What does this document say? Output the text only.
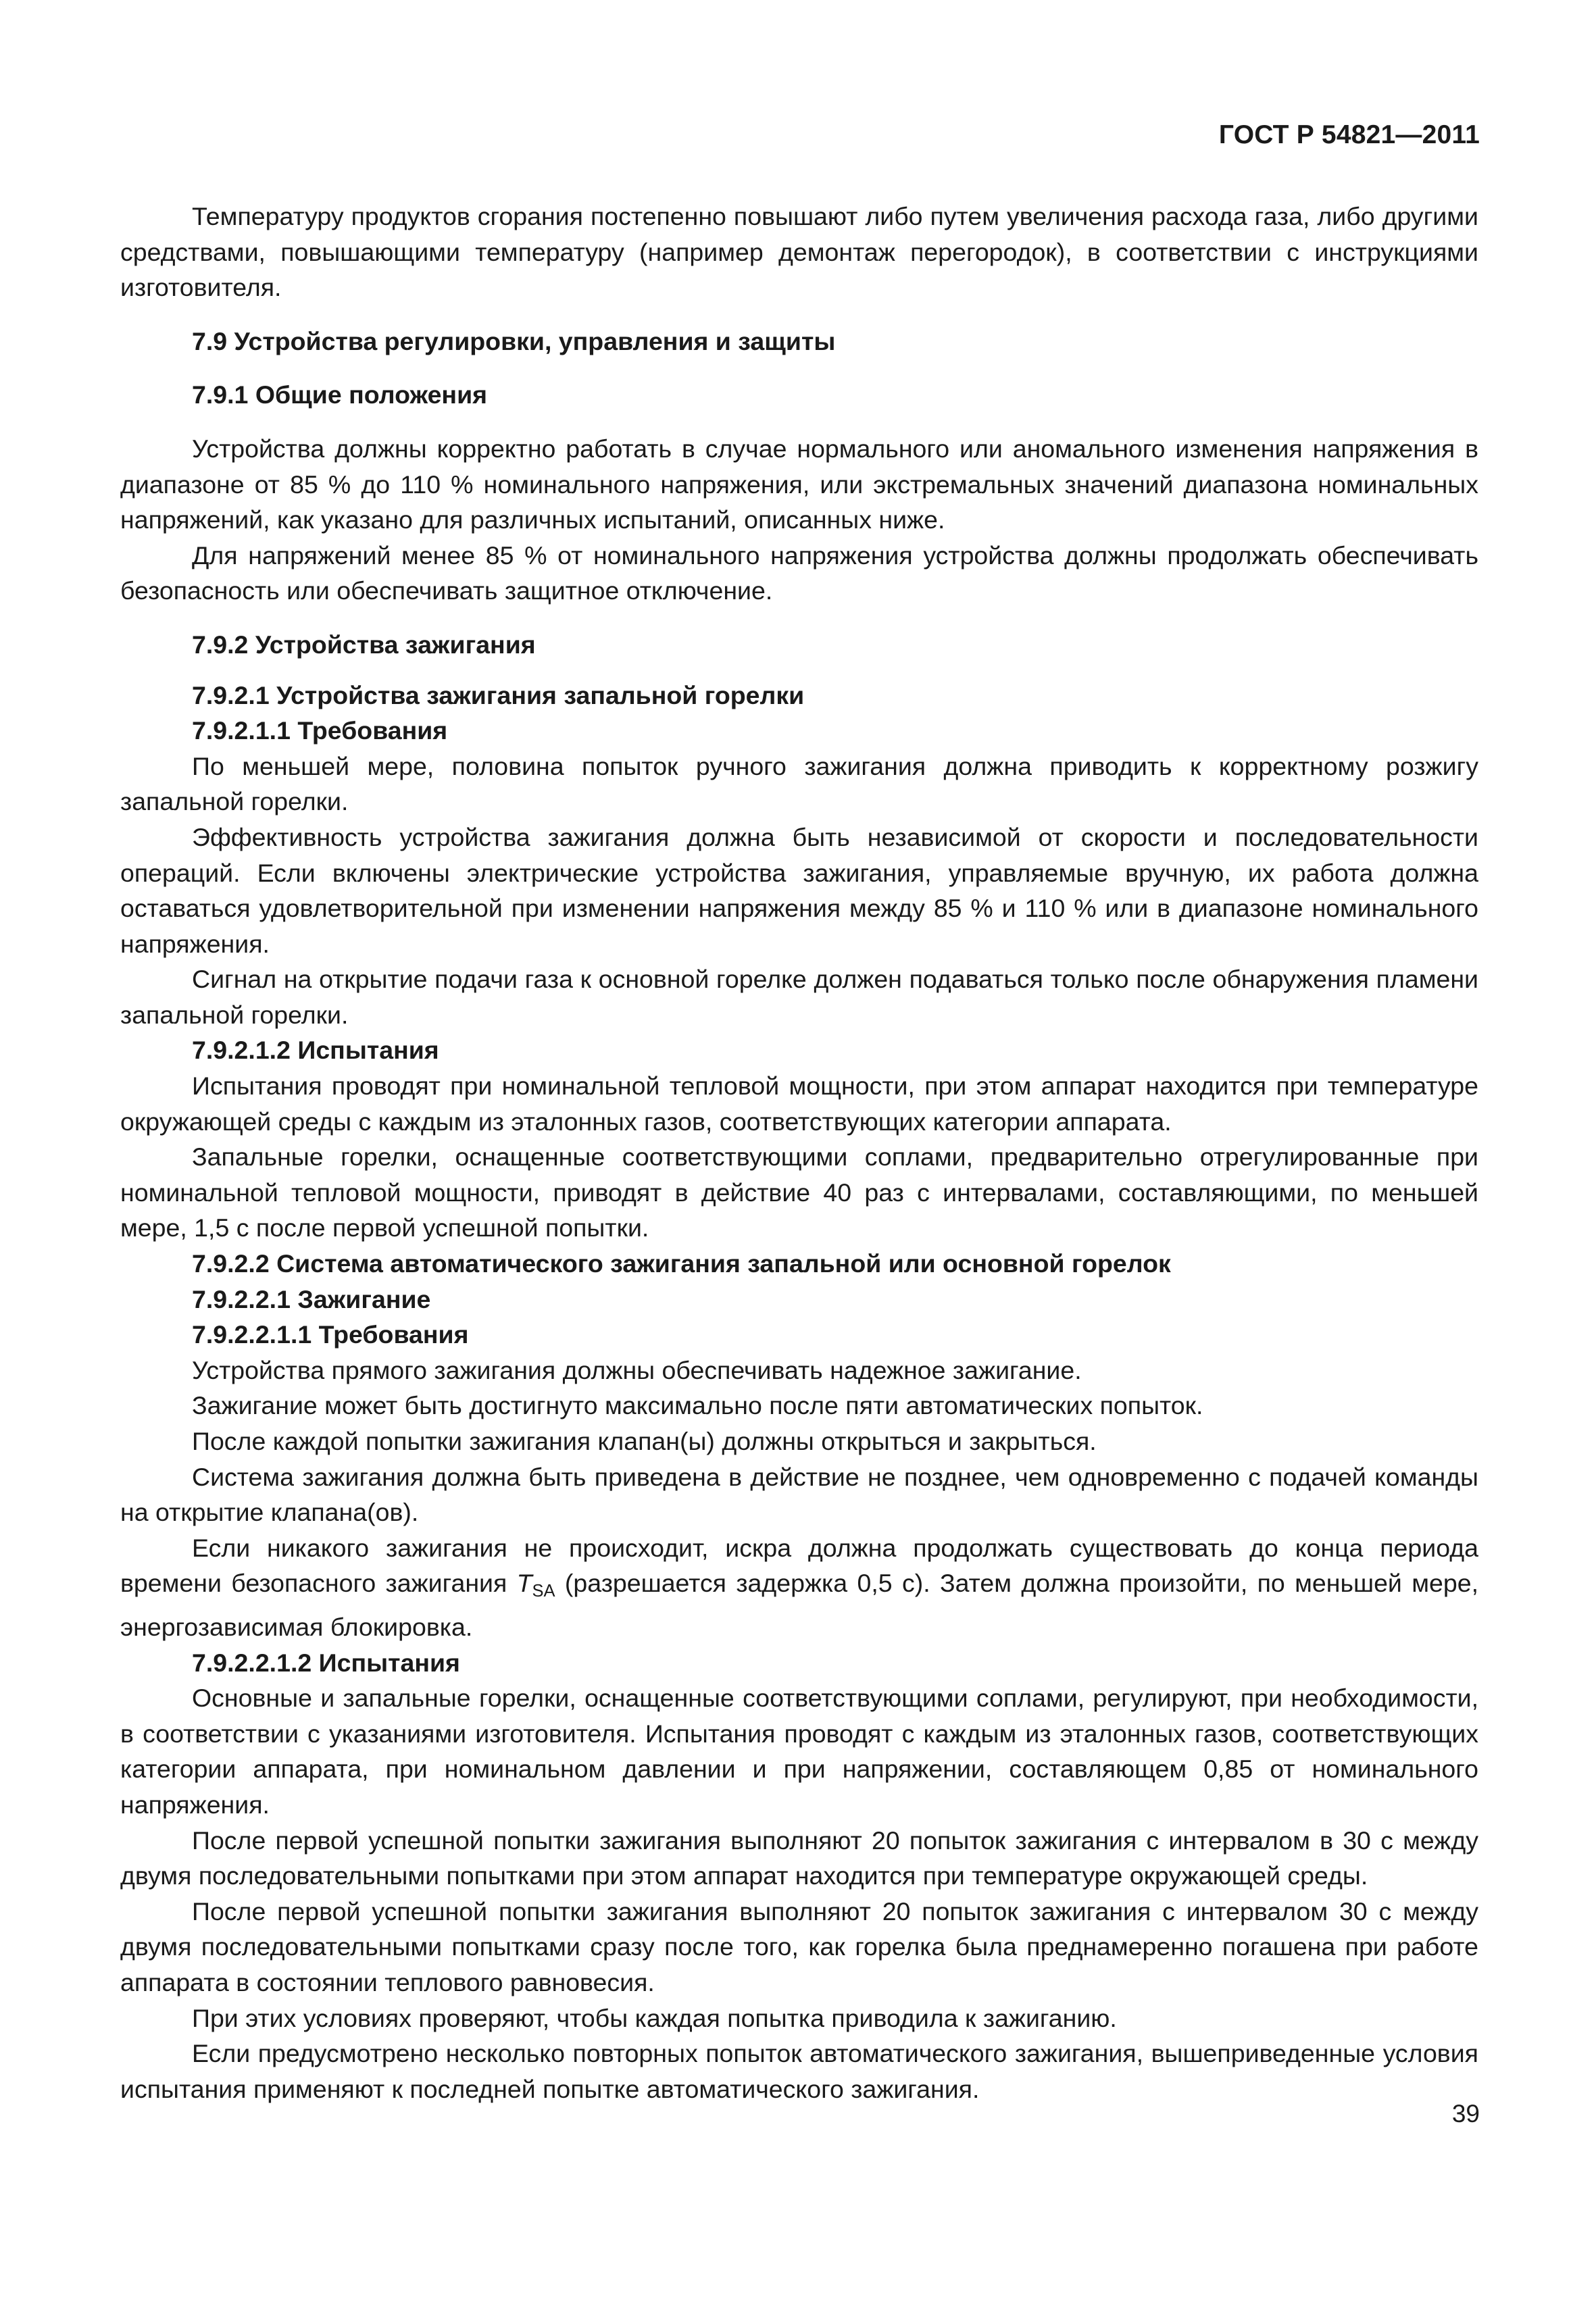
ГОСТ Р 54821—2011

Температуру продуктов сгорания постепенно повышают либо путем увеличения расхода газа, либо другими средствами, повышающими температуру (например демонтаж перегородок), в соответствии с инструкциями изготовителя.

7.9 Устройства регулировки, управления и защиты

7.9.1 Общие положения

Устройства должны корректно работать в случае нормального или аномального изменения напряжения в диапазоне от 85 % до 110 % номинального напряжения, или экстремальных значений диапазона номинальных напряжений, как указано для различных испытаний, описанных ниже.

Для напряжений менее 85 % от номинального напряжения устройства должны продолжать обеспечивать безопасность или обеспечивать защитное отключение.

7.9.2 Устройства зажигания

7.9.2.1 Устройства зажигания запальной горелки

7.9.2.1.1 Требования

По меньшей мере, половина попыток ручного зажигания должна приводить к корректному розжигу запальной горелки.

Эффективность устройства зажигания должна быть независимой от скорости и последовательности операций. Если включены электрические устройства зажигания, управляемые вручную, их работа должна оставаться удовлетворительной при изменении напряжения между 85 % и 110 % или в диапазоне номинального напряжения.

Сигнал на открытие подачи газа к основной горелке должен подаваться только после обнаружения пламени запальной горелки.

7.9.2.1.2 Испытания

Испытания проводят при номинальной тепловой мощности, при этом аппарат находится при температуре окружающей среды с каждым из эталонных газов, соответствующих категории аппарата.

Запальные горелки, оснащенные соответствующими соплами, предварительно отрегулированные при номинальной тепловой мощности, приводят в действие 40 раз с интервалами, составляющими, по меньшей мере, 1,5 с после первой успешной попытки.

7.9.2.2 Система автоматического зажигания запальной или основной горелок

7.9.2.2.1 Зажигание

7.9.2.2.1.1 Требования

Устройства прямого зажигания должны обеспечивать надежное зажигание.

Зажигание может быть достигнуто максимально после пяти автоматических попыток.

После каждой попытки зажигания клапан(ы) должны открыться и закрыться.

Система зажигания должна быть приведена в действие не позднее, чем одновременно с подачей команды на открытие клапана(ов).

Если никакого зажигания не происходит, искра должна продолжать существовать до конца периода времени безопасного зажигания $T_{SA}$ (разрешается задержка 0,5 с). Затем должна произойти, по меньшей мере, энергозависимая блокировка.

7.9.2.2.1.2 Испытания

Основные и запальные горелки, оснащенные соответствующими соплами, регулируют, при необходимости, в соответствии с указаниями изготовителя. Испытания проводят с каждым из эталонных газов, соответствующих категории аппарата, при номинальном давлении и при напряжении, составляющем 0,85 от номинального напряжения.

После первой успешной попытки зажигания выполняют 20 попыток зажигания с интервалом в 30 с между двумя последовательными попытками при этом аппарат находится при температуре окружающей среды.

После первой успешной попытки зажигания выполняют 20 попыток зажигания с интервалом 30 с между двумя последовательными попытками сразу после того, как горелка была преднамеренно погашена при работе аппарата в состоянии теплового равновесия.

При этих условиях проверяют, чтобы каждая попытка приводила к зажиганию.

Если предусмотрено несколько повторных попыток автоматического зажигания, вышеприведенные условия испытания применяют к последней попытке автоматического зажигания.

39
